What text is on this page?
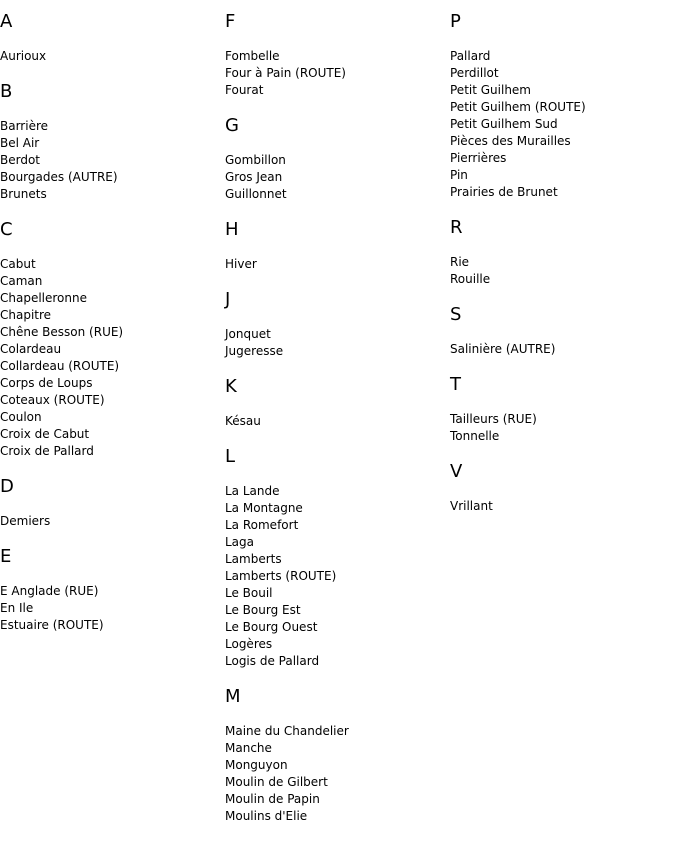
A
Aurioux
B
Barrière
Bel Air
Berdot
Bourgades (AUTRE)
Brunets
C
Cabut
Caman
Chapelleronne
Chapitre
Chêne Besson (RUE)
Colardeau
Collardeau (ROUTE)
Corps de Loups
Coteaux (ROUTE)
Coulon
Croix de Cabut
Croix de Pallard
D
Demiers
E
E Anglade (RUE)
En Ile
Estuaire (ROUTE)
F
Fombelle
Four à Pain (ROUTE)
Fourat
G
Gombillon
Gros Jean
Guillonnet
H
Hiver
J
Jonquet
Jugeresse
K
Késau
L
La Lande
La Montagne
La Romefort
Laga
Lamberts
Lamberts (ROUTE)
Le Bouil
Le Bourg Est
Le Bourg Ouest
Logères
Logis de Pallard
M
Maine du Chandelier
Manche
Monguyon
Moulin de Gilbert
Moulin de Papin
Moulins d'Elie
P
Pallard
Perdillot
Petit Guilhem
Petit Guilhem (ROUTE)
Petit Guilhem Sud
Pièces des Murailles
Pierrières
Pin
Prairies de Brunet
R
Rie
Rouille
S
Salinière (AUTRE)
T
Tailleurs (RUE)
Tonnelle
V
Vrillant
